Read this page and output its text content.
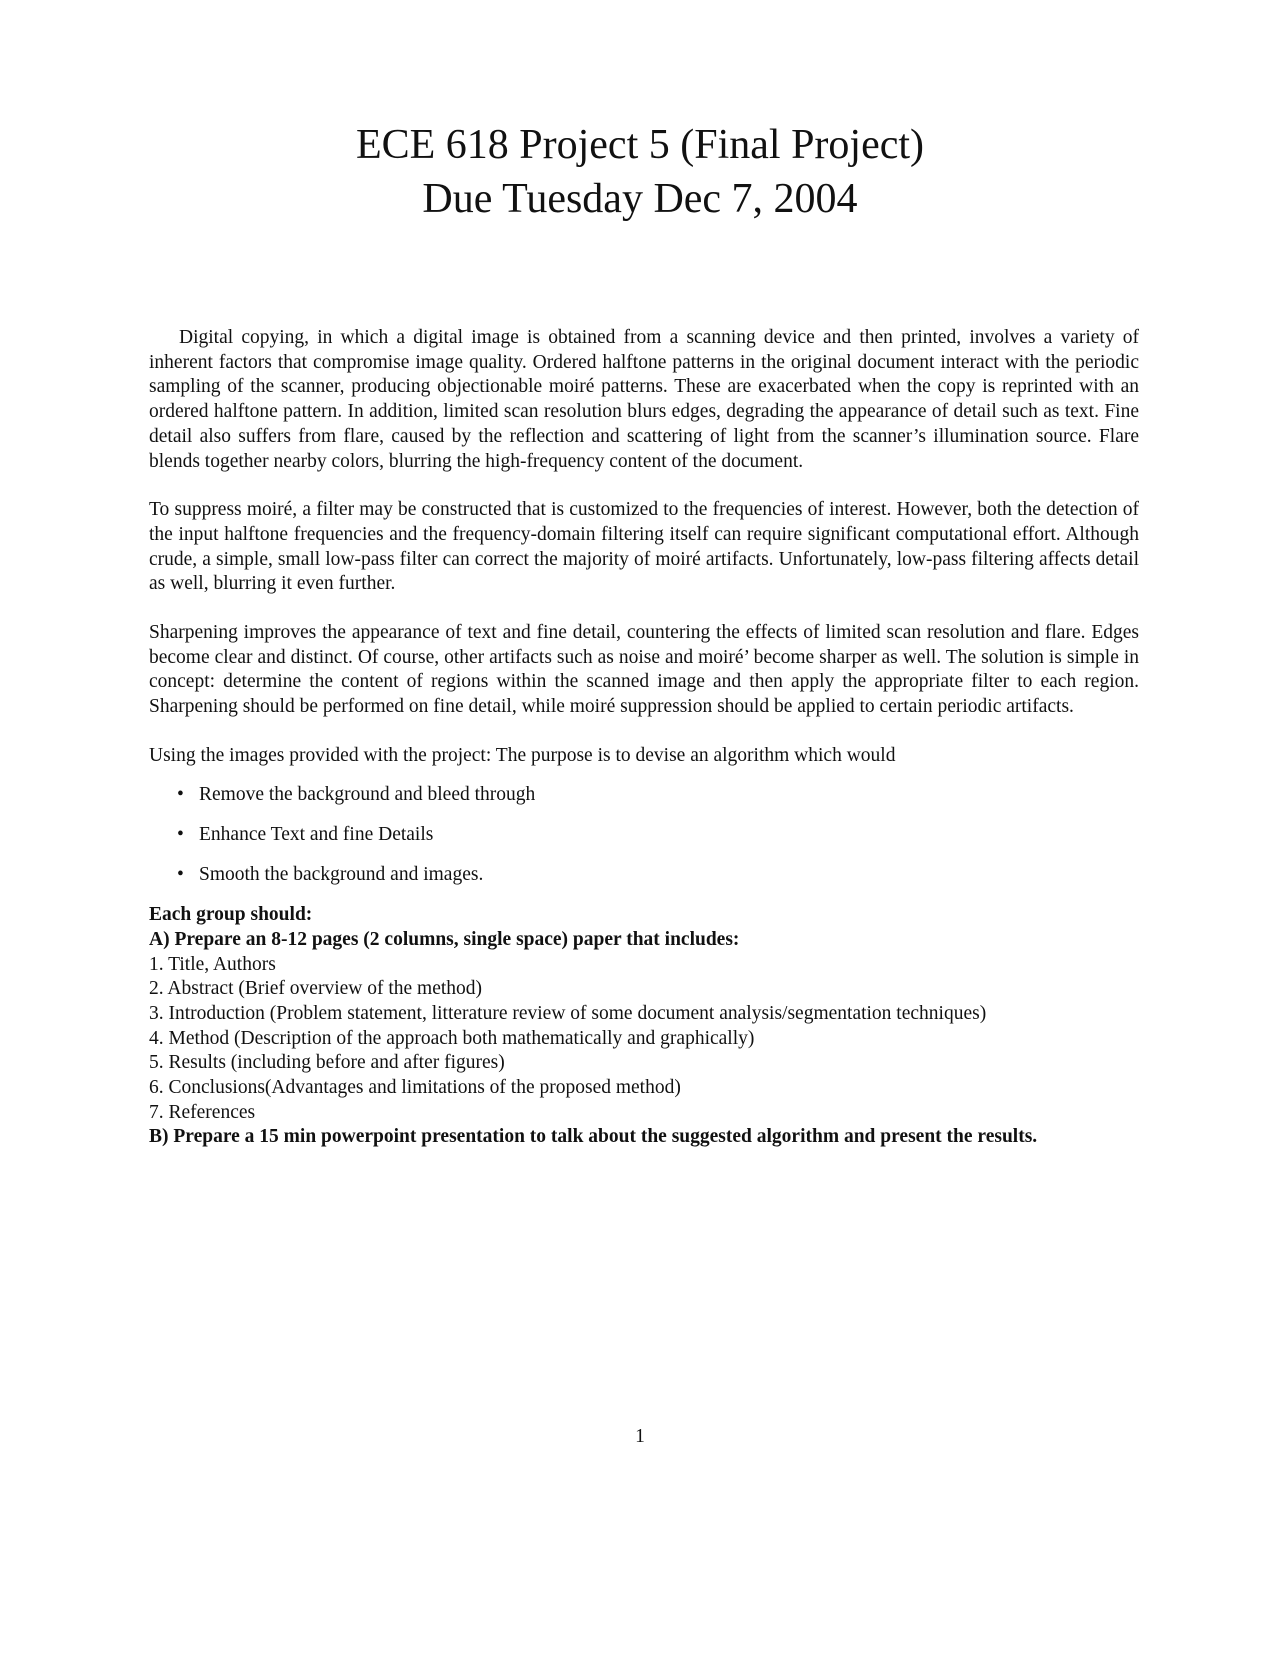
ECE 618 Project 5 (Final Project)
Due Tuesday Dec 7, 2004

Digital copying, in which a digital image is obtained from a scanning device and then printed, involves a variety of inherent factors that compromise image quality. Ordered halftone patterns in the original document interact with the periodic sampling of the scanner, producing objectionable moiré patterns. These are exacerbated when the copy is reprinted with an ordered halftone pattern. In addition, limited scan resolution blurs edges, degrading the appearance of detail such as text. Fine detail also suffers from flare, caused by the reflection and scattering of light from the scanner’s illumination source. Flare blends together nearby colors, blurring the high-frequency content of the document.

To suppress moiré, a filter may be constructed that is customized to the frequencies of interest. However, both the detection of the input halftone frequencies and the frequency-domain filtering itself can require significant computational effort. Although crude, a simple, small low-pass filter can correct the majority of moiré artifacts. Unfortunately, low-pass filtering affects detail as well, blurring it even further.

Sharpening improves the appearance of text and fine detail, countering the effects of limited scan resolution and flare. Edges become clear and distinct. Of course, other artifacts such as noise and moiré’ become sharper as well. The solution is simple in concept: determine the content of regions within the scanned image and then apply the appropriate filter to each region. Sharpening should be performed on fine detail, while moiré suppression should be applied to certain periodic artifacts.

Using the images provided with the project: The purpose is to devise an algorithm which would

• Remove the background and bleed through
• Enhance Text and fine Details
• Smooth the background and images.
Each group should:
A) Prepare an 8-12 pages (2 columns, single space) paper that includes:
1. Title, Authors
2. Abstract (Brief overview of the method)
3. Introduction (Problem statement, litterature review of some document analysis/segmentation techniques)
4. Method (Description of the approach both mathematically and graphically)
5. Results (including before and after figures)
6. Conclusions(Advantages and limitations of the proposed method)
7. References
B) Prepare a 15 min powerpoint presentation to talk about the suggested algorithm and present the results.
1
